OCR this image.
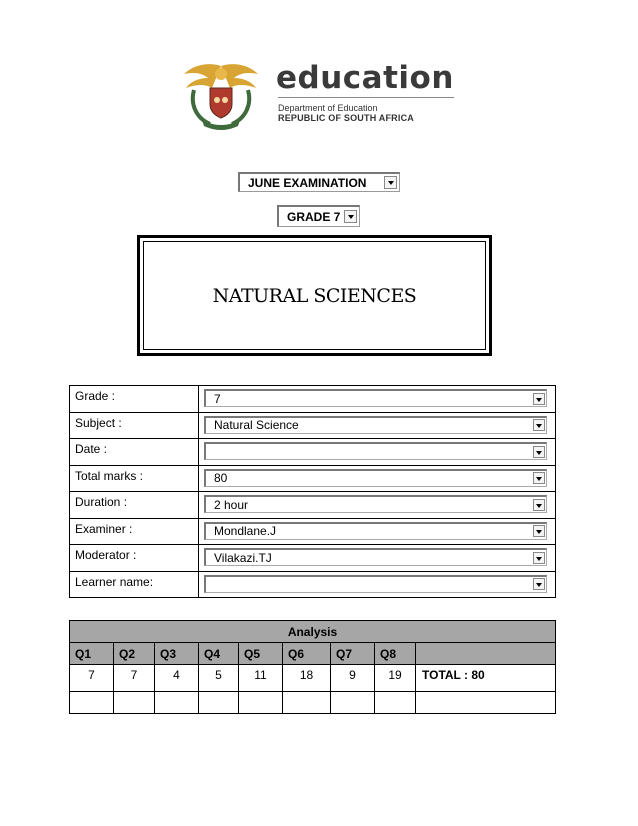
education
Department of Education
REPUBLIC OF SOUTH AFRICA
JUNE EXAMINATION
GRADE 7
NATURAL SCIENCES
Grade :	7

Subject :	Natural Science

Date :	

Total marks :	80

Duration :	2 hour

Examiner :	Mondlane.J

Moderator :	Vilakazi.TJ

Learner name:	
Analysis								
Q1	Q2	Q3	Q4	Q5	Q6	Q7	Q8	
7	7	4	5	11	18	9	19	TOTAL : 80
